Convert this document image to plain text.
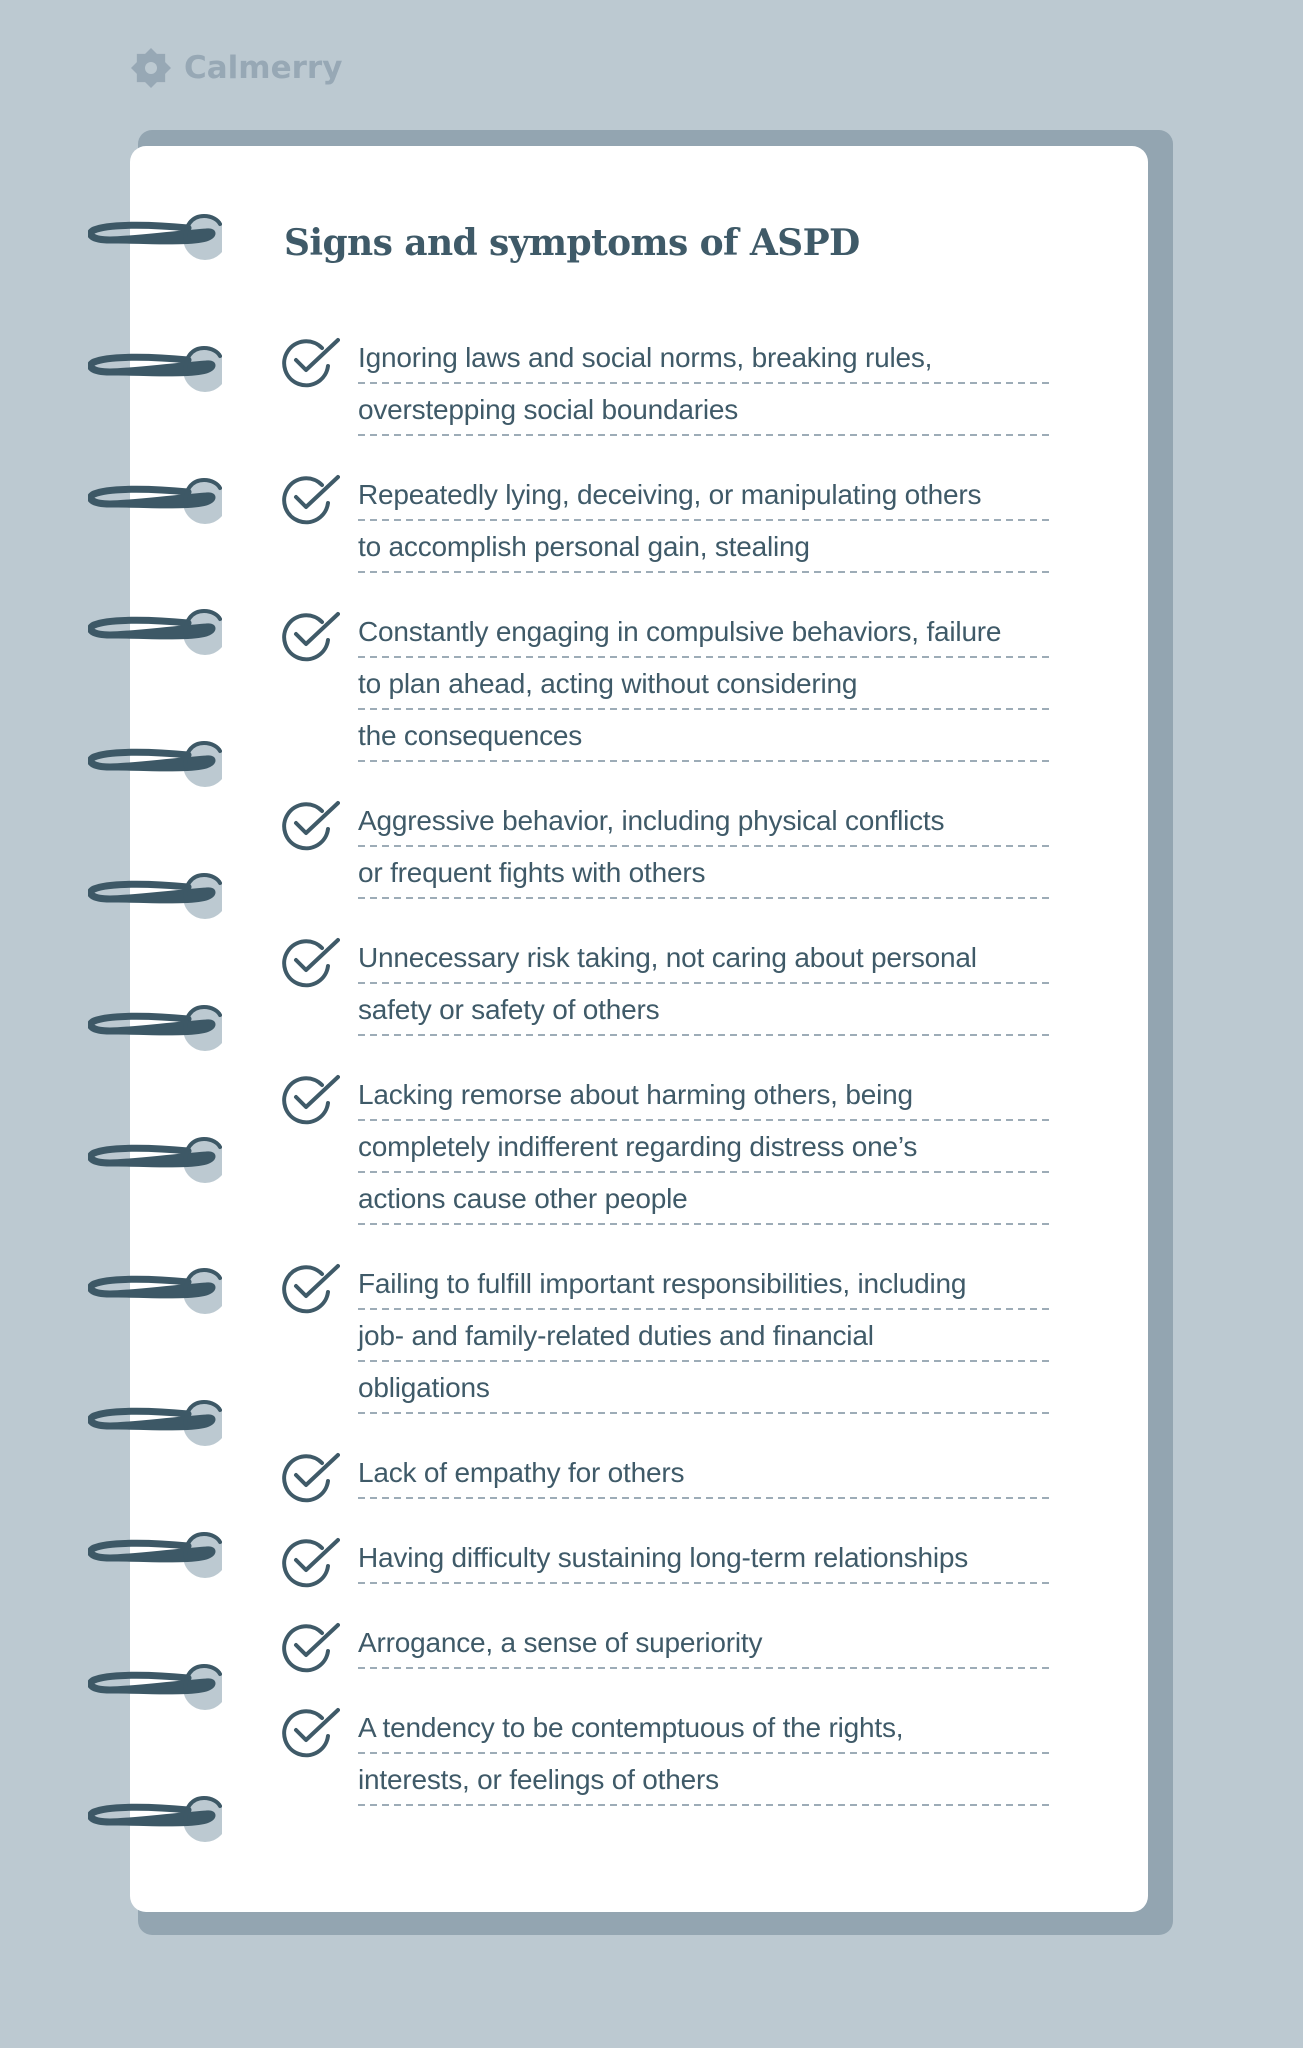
Calmerry
Signs and symptoms of ASPD
Ignoring laws and social norms, breaking rules,
overstepping social boundaries
Repeatedly lying, deceiving, or manipulating others
to accomplish personal gain, stealing
Constantly engaging in compulsive behaviors, failure
to plan ahead, acting without considering
the consequences
Aggressive behavior, including physical conflicts
or frequent fights with others
Unnecessary risk taking, not caring about personal
safety or safety of others
Lacking remorse about harming others, being
completely indifferent regarding distress one’s
actions cause other people
Failing to fulfill important responsibilities, including
job- and family-related duties and financial
obligations
Lack of empathy for others
Having difficulty sustaining long-term relationships
Arrogance, a sense of superiority
A tendency to be contemptuous of the rights,
interests, or feelings of others
